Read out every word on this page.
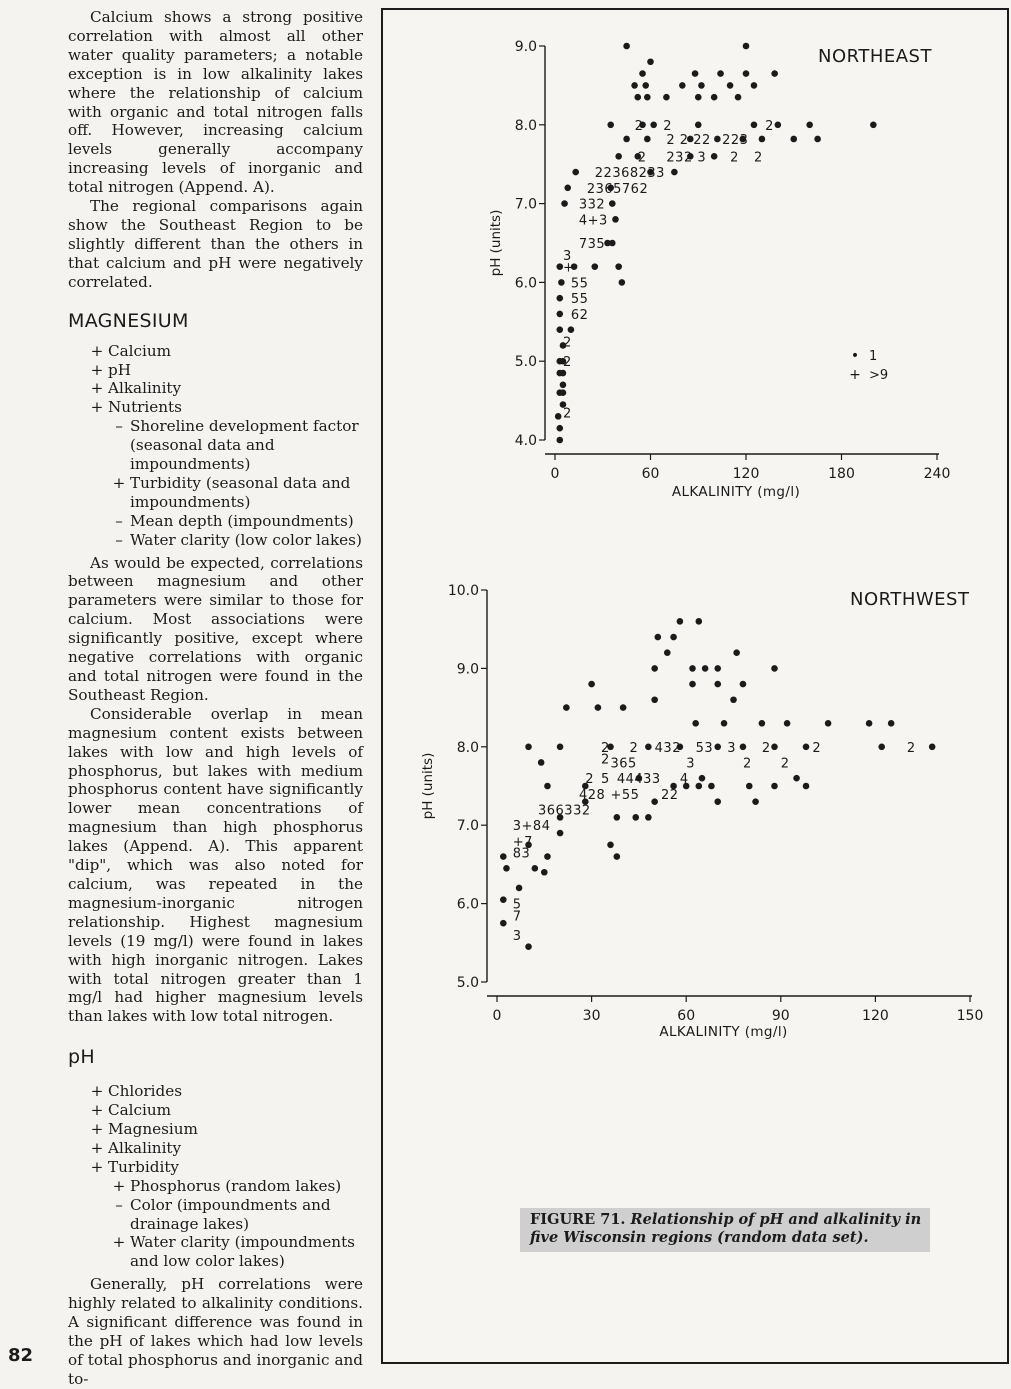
Calcium shows a strong positive correlation with almost all other water quality parameters; a notable exception is in low alkalinity lakes where the relationship of calcium with organic and total nitrogen falls off. However, increasing calcium levels generally accompany increasing levels of inorganic and total nitrogen (Append. A).

The regional comparisons again show the Southeast Region to be slightly different than the others in that calcium and pH were negatively correlated.

MAGNESIUM
+ Calcium
+ pH
+ Alkalinity
+ Nutrients
– Shoreline development factor (seasonal data and impoundments)
+ Turbidity (seasonal data and impoundments)
– Mean depth (impoundments)
– Water clarity (low color lakes)

As would be expected, correlations between magnesium and other parameters were similar to those for calcium. Most associations were significantly positive, except where negative correlations with organic and total nitrogen were found in the Southeast Region.

Considerable overlap in mean magnesium content exists between lakes with low and high levels of phosphorus, but lakes with medium phosphorus content have significantly lower mean concentrations of magnesium than high phosphorus lakes (Append. A). This apparent "dip", which was also noted for calcium, was repeated in the magnesium-inorganic nitrogen relationship. Highest magnesium levels (19 mg/l) were found in lakes with high inorganic nitrogen. Lakes with total nitrogen greater than 1 mg/l had higher magnesium levels than lakes with low total nitrogen.

pH
+ Chlorides
+ Calcium
+ Magnesium
+ Alkalinity
+ Turbidity
+ Phosphorus (random lakes)
– Color (impoundments and drainage lakes)
+ Water clarity (impoundments and low color lakes)

Generally, pH correlations were highly related to alkalinity conditions. A significant difference was found in the pH of lakes which had low levels of total phosphorus and inorganic and to-

82
4.0
5.0
6.0
7.0
8.0
9.0
0	60	120	180	240
NORTHEAST
ALKALINITY (mg/l)
pH (units)
2 2	2
2 2 22 223
2 232 3 2 2
22368233
2365762
332
4+3
735
3
+
55
55
62
2
2
2
• 1
+ >9
5.0
6.0
7.0
8.0
9.0
10.0
0	30	60	90	120	150
NORTHWEST
ALKALINITY (mg/l)
pH (units)
2 2 432 53 3 2	2	2
2 365	3	2 2
2 5 44433 4
428 +55 22
366332
3+84
+7
83
5
7
3
FIGURE 71. Relationship of pH and alkalinity in five Wisconsin regions (random data set).
